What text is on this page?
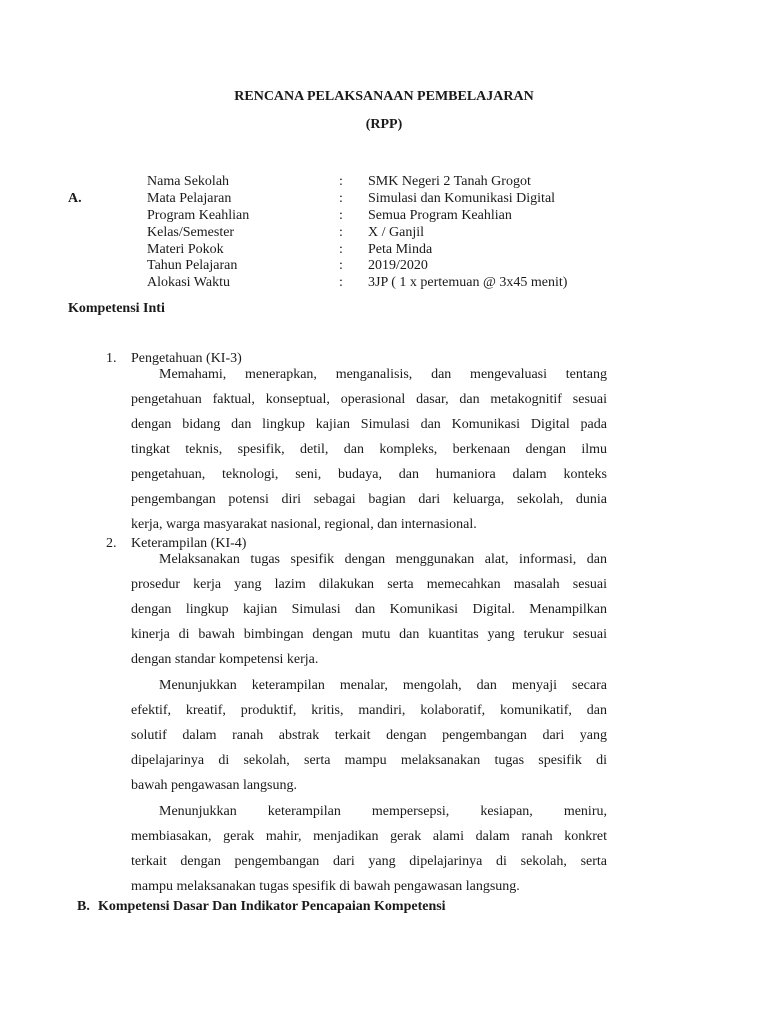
RENCANA PELAKSANAAN PEMBELAJARAN
(RPP)
A.
Nama Sekolah	: SMK Negeri 2 Tanah Grogot
Mata Pelajaran	: Simulasi dan Komunikasi Digital
Program Keahlian	: Semua Program Keahlian
Kelas/Semester	: X / Ganjil
Materi Pokok	: Peta Minda
Tahun Pelajaran	: 2019/2020
Alokasi Waktu	: 3JP ( 1 x pertemuan @ 3x45 menit)
Kompetensi Inti
1. Pengetahuan (KI-3)
Memahami, menerapkan, menganalisis, dan mengevaluasi tentang
pengetahuan faktual, konseptual, operasional dasar, dan metakognitif sesuai
dengan bidang dan lingkup kajian Simulasi dan Komunikasi Digital pada
tingkat teknis, spesifik, detil, dan kompleks, berkenaan dengan ilmu
pengetahuan, teknologi, seni, budaya, dan humaniora dalam konteks
pengembangan potensi diri sebagai bagian dari keluarga, sekolah, dunia
kerja, warga masyarakat nasional, regional, dan internasional.
2. Keterampilan (KI-4)
Melaksanakan tugas spesifik dengan menggunakan alat, informasi, dan
prosedur kerja yang lazim dilakukan serta memecahkan masalah sesuai
dengan lingkup kajian Simulasi dan Komunikasi Digital. Menampilkan
kinerja di bawah bimbingan dengan mutu dan kuantitas yang terukur sesuai
dengan standar kompetensi kerja.
Menunjukkan keterampilan menalar, mengolah, dan menyaji secara
efektif, kreatif, produktif, kritis, mandiri, kolaboratif, komunikatif, dan
solutif dalam ranah abstrak terkait dengan pengembangan dari yang
dipelajarinya di sekolah, serta mampu melaksanakan tugas spesifik di
bawah pengawasan langsung.
Menunjukkan keterampilan mempersepsi, kesiapan, meniru,
membiasakan, gerak mahir, menjadikan gerak alami dalam ranah konkret
terkait dengan pengembangan dari yang dipelajarinya di sekolah, serta
mampu melaksanakan tugas spesifik di bawah pengawasan langsung.
B. Kompetensi Dasar Dan Indikator Pencapaian Kompetensi
